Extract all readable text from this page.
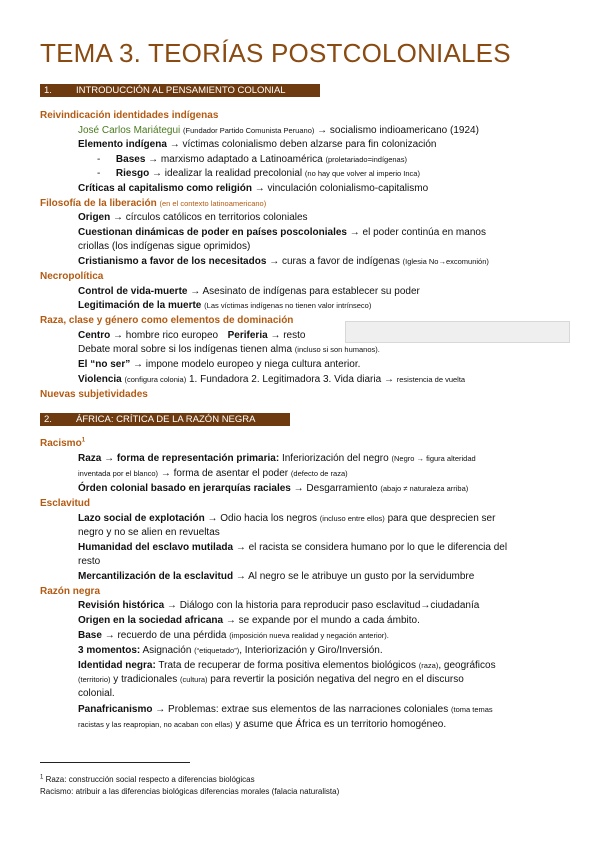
TEMA 3. TEORÍAS POSTCOLONIALES
1.	INTRODUCCIÓN AL PENSAMIENTO COLONIAL
Reivindicación identidades indígenas
José Carlos Mariátegui (Fundador Partido Comunista Peruano) → socialismo indioamericano (1924)
Elemento indígena → víctimas colonialismo deben alzarse para fin colonización
- Bases → marxismo adaptado a Latinoamérica (proletariado=indígenas)
- Riesgo → idealizar la realidad precolonial (no hay que volver al imperio Inca)
Críticas al capitalismo como religión → vinculación colonialismo-capitalismo
Filosofía de la liberación (en el contexto latinoamericano)
Origen → círculos católicos en territorios coloniales
Cuestionan dinámicas de poder en países poscoloniales → el poder continúa en manos
criollas (los indígenas sigue oprimidos)
Cristianismo a favor de los necesitados → curas a favor de indígenas (Iglesia No→excomunión)
Necropolítica
Control de vida-muerte → Asesinato de indígenas para establecer su poder
Legitimación de la muerte (Las víctimas indígenas no tienen valor intrínseco)
Raza, clase y género como elementos de dominación
Centro → hombre rico europeo Periferia → resto
Debate moral sobre si los indígenas tienen alma (incluso si son humanos).
El “no ser” → impone modelo europeo y niega cultura anterior.
Violencia (configura colonia) 1. Fundadora 2. Legitimadora 3. Vida diaria → resistencia de vuelta
Nuevas subjetividades
2.	ÁFRICA: CRÍTICA DE LA RAZÓN NEGRA
Racismo$^1$
Raza → forma de representación primaria: Inferiorización del negro (Negro → figura alteridad
inventada por el blanco) → forma de asentar el poder (defecto de raza)
Órden colonial basado en jerarquías raciales → Desgarramiento (abajo ≠ naturaleza arriba)
Esclavitud
Lazo social de explotación → Odio hacia los negros (incluso entre ellos) para que desprecien ser
negro y no se alien en revueltas
Humanidad del esclavo mutilada → el racista se considera humano por lo que le diferencia del
resto
Mercantilización de la esclavitud → Al negro se le atribuye un gusto por la servidumbre
Razón negra
Revisión histórica → Diálogo con la historia para reproducir paso esclavitud→ciudadanía
Origen en la sociedad africana → se expande por el mundo a cada ámbito.
Base → recuerdo de una pérdida (imposición nueva realidad y negación anterior).
3 momentos: Asignación (“etiquetado”), Interiorización y Giro/Inversión.
Identidad negra: Trata de recuperar de forma positiva elementos biológicos (raza), geográficos
(territorio) y tradicionales (cultura) para revertir la posición negativa del negro en el discurso
colonial.
Panafricanismo → Problemas: extrae sus elementos de las narraciones coloniales (toma temas
racistas y las reapropian, no acaban con ellas) y asume que África es un territorio homogéneo.
$^1$ Raza: construcción social respecto a diferencias biológicas
Racismo: atribuir a las diferencias biológicas diferencias morales (falacia naturalista)
